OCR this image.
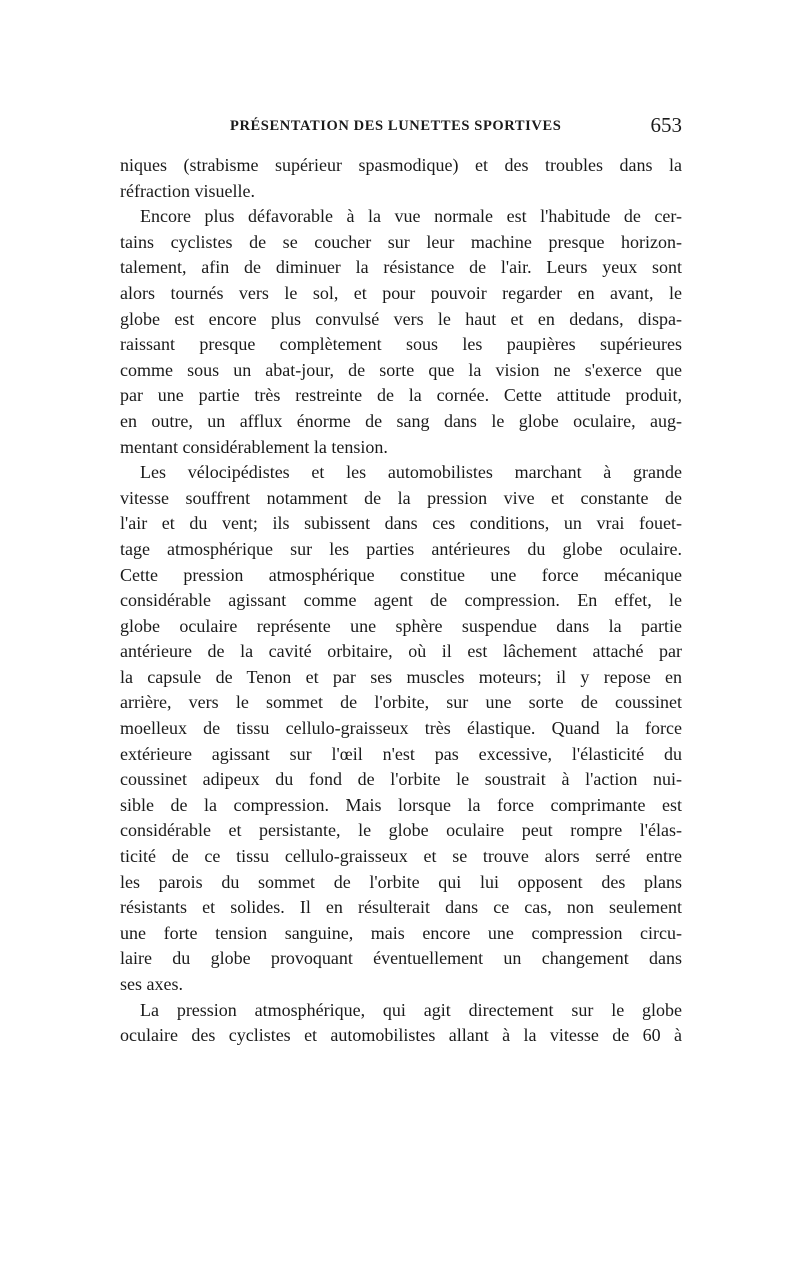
PRÉSENTATION DES LUNETTES SPORTIVES	653
niques (strabisme supérieur spasmodique) et des troubles dans la
réfraction visuelle.
Encore plus défavorable à la vue normale est l'habitude de cer-
tains cyclistes de se coucher sur leur machine presque horizon-
talement, afin de diminuer la résistance de l'air. Leurs yeux sont
alors tournés vers le sol, et pour pouvoir regarder en avant, le
globe est encore plus convulsé vers le haut et en dedans, dispa-
raissant presque complètement sous les paupières supérieures
comme sous un abat-jour, de sorte que la vision ne s'exerce que
par une partie très restreinte de la cornée. Cette attitude produit,
en outre, un afflux énorme de sang dans le globe oculaire, aug-
mentant considérablement la tension.
Les vélocipédistes et les automobilistes marchant à grande
vitesse souffrent notamment de la pression vive et constante de
l'air et du vent; ils subissent dans ces conditions, un vrai fouet-
tage atmosphérique sur les parties antérieures du globe oculaire.
Cette pression atmosphérique constitue une force mécanique
considérable agissant comme agent de compression. En effet, le
globe oculaire représente une sphère suspendue dans la partie
antérieure de la cavité orbitaire, où il est lâchement attaché par
la capsule de Tenon et par ses muscles moteurs; il y repose en
arrière, vers le sommet de l'orbite, sur une sorte de coussinet
moelleux de tissu cellulo-graisseux très élastique. Quand la force
extérieure agissant sur l'œil n'est pas excessive, l'élasticité du
coussinet adipeux du fond de l'orbite le soustrait à l'action nui-
sible de la compression. Mais lorsque la force comprimante est
considérable et persistante, le globe oculaire peut rompre l'élas-
ticité de ce tissu cellulo-graisseux et se trouve alors serré entre
les parois du sommet de l'orbite qui lui opposent des plans
résistants et solides. Il en résulterait dans ce cas, non seulement
une forte tension sanguine, mais encore une compression circu-
laire du globe provoquant éventuellement un changement dans
ses axes.
La pression atmosphérique, qui agit directement sur le globe
oculaire des cyclistes et automobilistes allant à la vitesse de 60 à
